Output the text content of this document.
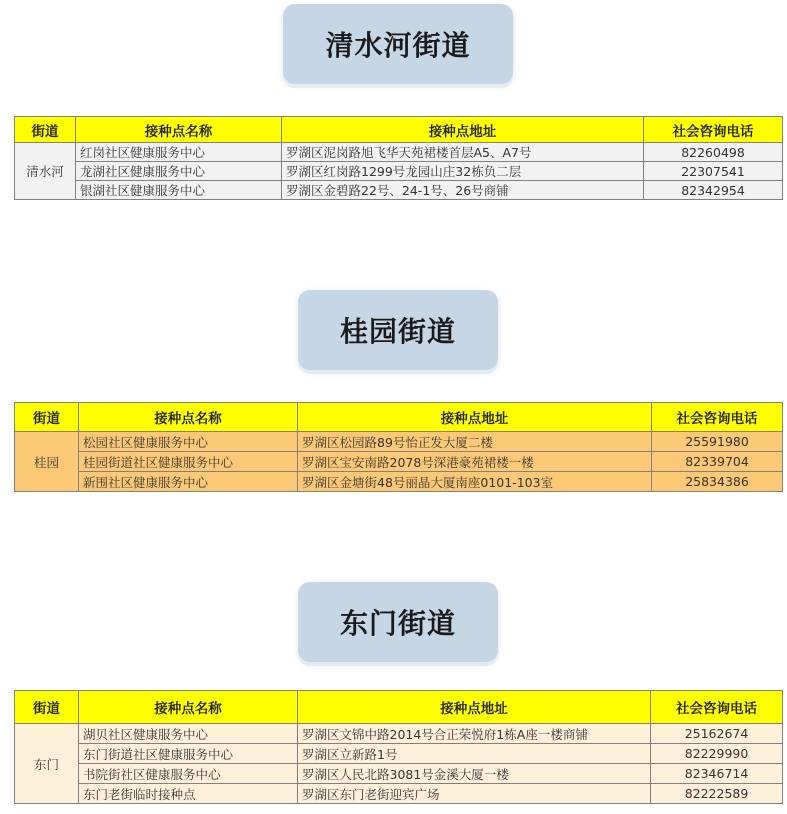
清水河街道
街道	接种点名称	接种点地址	社会咨询电话
清水河	红岗社区健康服务中心	罗湖区泥岗路旭飞华天苑裙楼首层A5、A7号	82260498
	龙湖社区健康服务中心	罗湖区红岗路1299号龙园山庄32栋负二层	22307541
	银湖社区健康服务中心	罗湖区金碧路22号、24-1号、26号商铺	82342954
桂园街道
街道	接种点名称	接种点地址	社会咨询电话
桂园	松园社区健康服务中心	罗湖区松园路89号怡正发大厦二楼	25591980
	桂园街道社区健康服务中心	罗湖区宝安南路2078号深港豪苑裙楼一楼	82339704
	新围社区健康服务中心	罗湖区金塘街48号丽晶大厦南座0101-103室	25834386
东门街道
街道	接种点名称	接种点地址	社会咨询电话
东门	湖贝社区健康服务中心	罗湖区文锦中路2014号合正荣悦府1栋A座一楼商铺	25162674
	东门街道社区健康服务中心	罗湖区立新路1号	82229990
	书院街社区健康服务中心	罗湖区人民北路3081号金溪大厦一楼	82346714
	东门老街临时接种点	罗湖区东门老街迎宾广场	82222589
